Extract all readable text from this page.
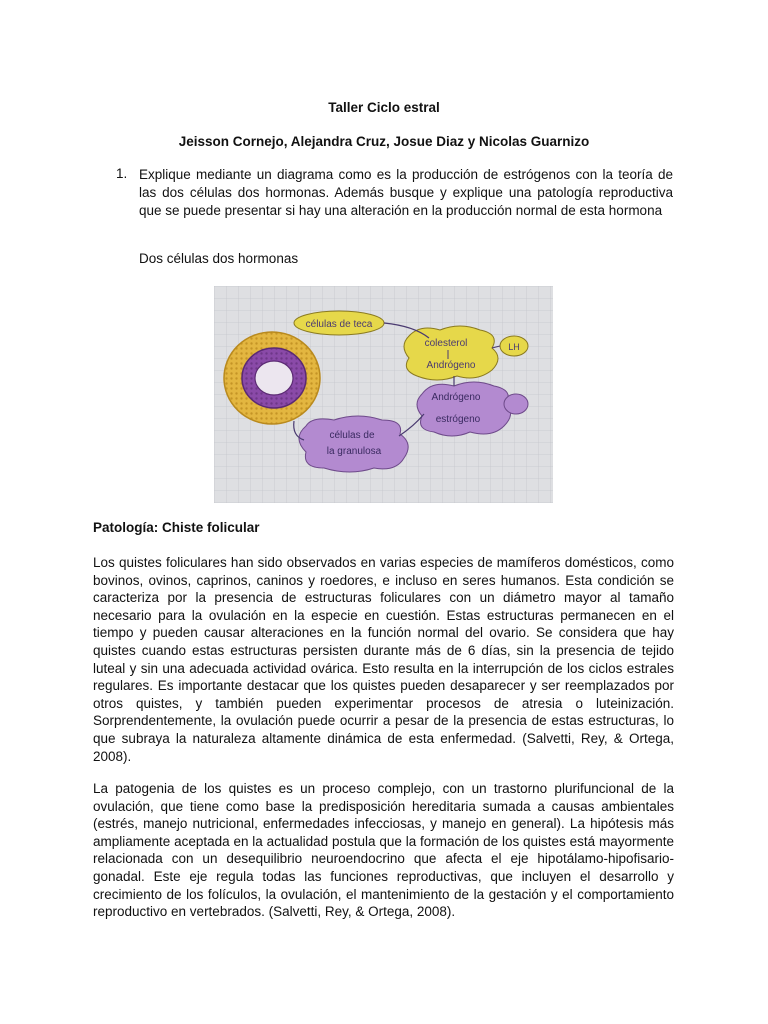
Taller Ciclo estral
Jeisson Cornejo, Alejandra Cruz, Josue Diaz y Nicolas Guarnizo
1. Explique mediante un diagrama como es la producción de estrógenos con la teoría de las dos células dos hormonas. Además busque y explique una patología reproductiva que se puede presentar si hay una alteración en la producción normal de esta hormona
Dos células dos hormonas
células de teca
colesterol
Andrógeno
LH
Andrógeno
estrógeno
células de
la granulosa
Patología: Chiste folicular

Los quistes foliculares han sido observados en varias especies de mamíferos domésticos, como bovinos, ovinos, caprinos, caninos y roedores, e incluso en seres humanos. Esta condición se caracteriza por la presencia de estructuras foliculares con un diámetro mayor al tamaño necesario para la ovulación en la especie en cuestión. Estas estructuras permanecen en el tiempo y pueden causar alteraciones en la función normal del ovario. Se considera que hay quistes cuando estas estructuras persisten durante más de 6 días, sin la presencia de tejido luteal y sin una adecuada actividad ovárica. Esto resulta en la interrupción de los ciclos estrales regulares. Es importante destacar que los quistes pueden desaparecer y ser reemplazados por otros quistes, y también pueden experimentar procesos de atresia o luteinización. Sorprendentemente, la ovulación puede ocurrir a pesar de la presencia de estas estructuras, lo que subraya la naturaleza altamente dinámica de esta enfermedad. (Salvetti, Rey, & Ortega, 2008).

La patogenia de los quistes es un proceso complejo, con un trastorno plurifuncional de la ovulación, que tiene como base la predisposición hereditaria sumada a causas ambientales (estrés, manejo nutricional, enfermedades infecciosas, y manejo en general). La hipótesis más ampliamente aceptada en la actualidad postula que la formación de los quistes está mayormente relacionada con un desequilibrio neuroendocrino que afecta el eje hipotálamo-hipofisario-gonadal. Este eje regula todas las funciones reproductivas, que incluyen el desarrollo y crecimiento de los folículos, la ovulación, el mantenimiento de la gestación y el comportamiento reproductivo en vertebrados. (Salvetti, Rey, & Ortega, 2008).
